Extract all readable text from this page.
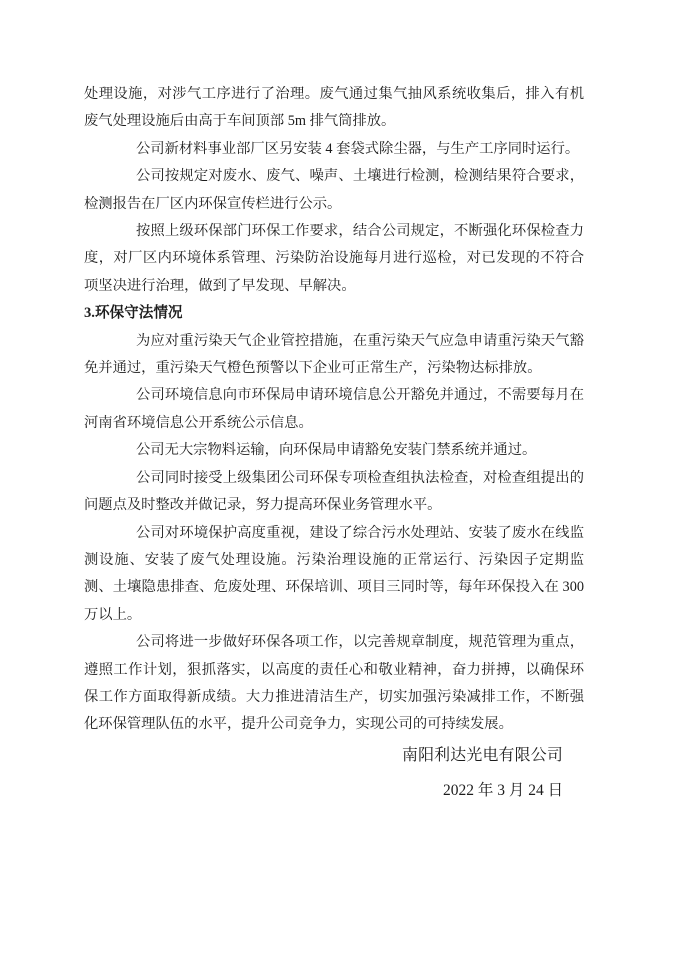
处理设施，对涉气工序进行了治理。废气通过集气抽风系统收集后，排入有机废气处理设施后由高于车间顶部 5m 排气筒排放。

公司新材料事业部厂区另安装 4 套袋式除尘器，与生产工序同时运行。

公司按规定对废水、废气、噪声、土壤进行检测，检测结果符合要求，检测报告在厂区内环保宣传栏进行公示。

按照上级环保部门环保工作要求，结合公司规定，不断强化环保检查力度，对厂区内环境体系管理、污染防治设施每月进行巡检，对已发现的不符合项坚决进行治理，做到了早发现、早解决。

3.环保守法情况

为应对重污染天气企业管控措施，在重污染天气应急申请重污染天气豁免并通过，重污染天气橙色预警以下企业可正常生产，污染物达标排放。

公司环境信息向市环保局申请环境信息公开豁免并通过，不需要每月在河南省环境信息公开系统公示信息。

公司无大宗物料运输，向环保局申请豁免安装门禁系统并通过。

公司同时接受上级集团公司环保专项检查组执法检查，对检查组提出的问题点及时整改并做记录，努力提高环保业务管理水平。

公司对环境保护高度重视，建设了综合污水处理站、安装了废水在线监测设施、安装了废气处理设施。污染治理设施的正常运行、污染因子定期监测、土壤隐患排查、危废处理、环保培训、项目三同时等，每年环保投入在 300 万以上。

公司将进一步做好环保各项工作，以完善规章制度，规范管理为重点，遵照工作计划，狠抓落实，以高度的责任心和敬业精神，奋力拼搏，以确保环保工作方面取得新成绩。大力推进清洁生产，切实加强污染减排工作，不断强化环保管理队伍的水平，提升公司竞争力，实现公司的可持续发展。

南阳利达光电有限公司
2022 年 3 月 24 日
